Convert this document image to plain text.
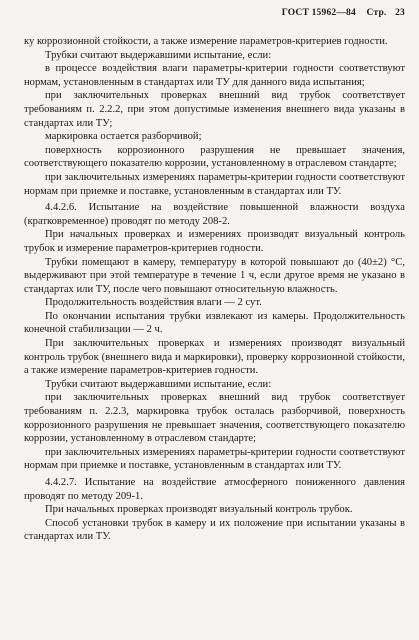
ГОСТ 15962—84 Стр. 23

ку коррозионной стойкости, а также измерение параметров-критериев годности.

Трубки считают выдержавшими испытание, если:

в процессе воздействия влаги параметры-критерии годности соответствуют нормам, установленным в стандартах или ТУ для данного вида испытания;

при заключительных проверках внешний вид трубок соответствует требованиям п. 2.2.2, при этом допустимые изменения внешнего вида указаны в стандартах или ТУ;

маркировка остается разборчивой;

поверхность коррозионного разрушения не превышает значения, соответствующего показателю коррозии, установленному в отраслевом стандарте;

при заключительных измерениях параметры-критерии годности соответствуют нормам при приемке и поставке, установленным в стандартах или ТУ.

4.4.2.6. Испытание на воздействие повышенной влажности воздуха (кратковременное) проводят по методу 208-2.

При начальных проверках и измерениях производят визуальный контроль трубок и измерение параметров-критериев годности.

Трубки помещают в камеру, температуру в которой повышают до (40±2) °С, выдерживают при этой температуре в течение 1 ч, если другое время не указано в стандартах или ТУ, после чего повышают относительную влажность.

Продолжительность воздействия влаги — 2 сут.

По окончании испытания трубки извлекают из камеры. Продолжительность конечной стабилизации — 2 ч.

При заключительных проверках и измерениях производят визуальный контроль трубок (внешнего вида и маркировки), проверку коррозионной стойкости, а также измерение параметров-критериев годности.

Трубки считают выдержавшими испытание, если:

при заключительных проверках внешний вид трубок соответствует требованиям п. 2.2.3, маркировка трубок осталась разборчивой, поверхность коррозионного разрушения не превышает значения, соответствующего показателю коррозии, установленному в отраслевом стандарте;

при заключительных измерениях параметры-критерии годности соответствуют нормам при приемке и поставке, установленным в стандартах или ТУ.

4.4.2.7. Испытание на воздействие атмосферного пониженного давления проводят по методу 209-1.

При начальных проверках производят визуальный контроль трубок.

Способ установки трубок в камеру и их положение при испытании указаны в стандартах или ТУ.
